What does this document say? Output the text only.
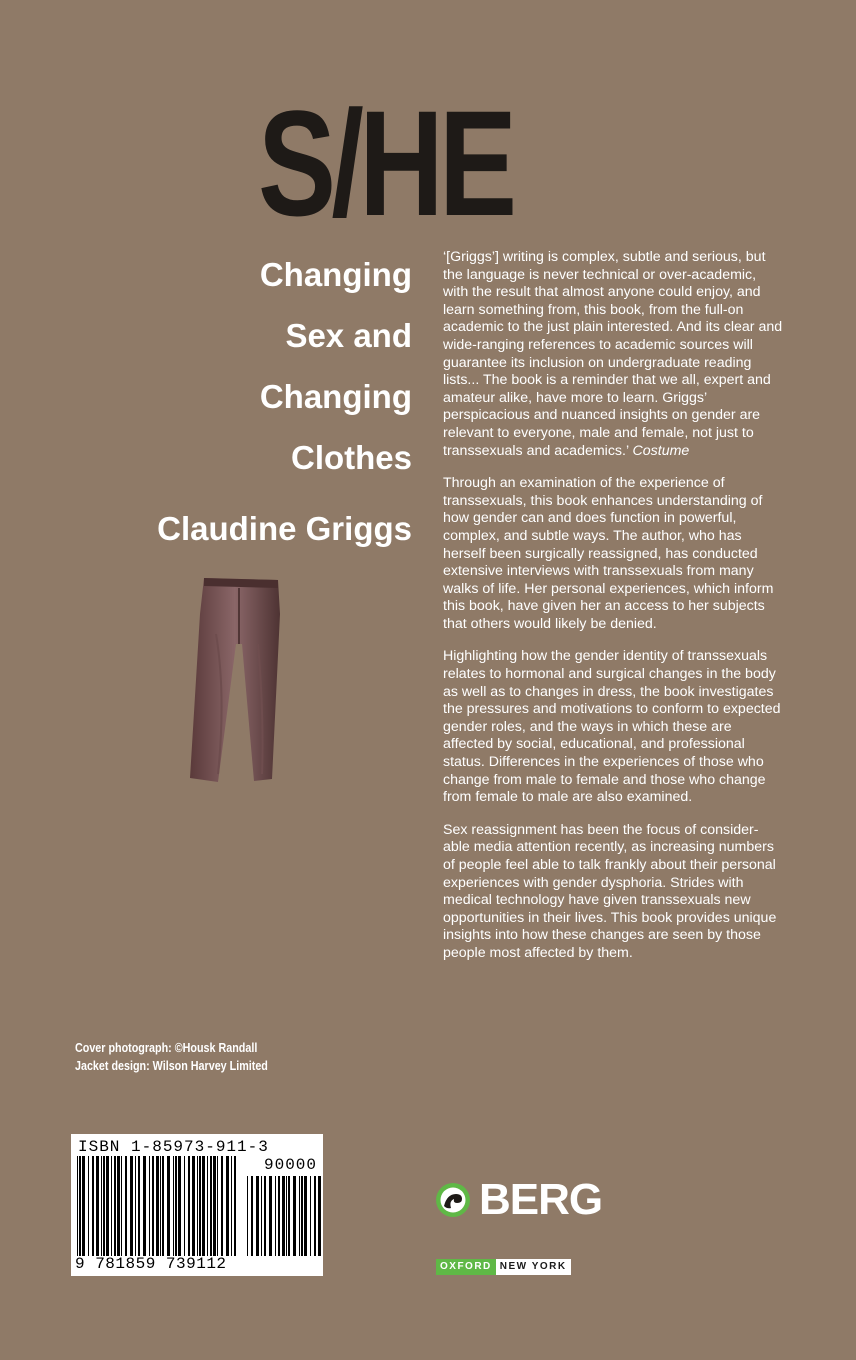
S/HE
Changing
Sex and
Changing
Clothes
Claudine Griggs

‘[Griggs’] writing is complex, subtle and serious, but the language is never technical or over-academic, with the result that almost anyone could enjoy, and learn something from, this book, from the full-on academic to the just plain interested. And its clear and wide-ranging references to academic sources will guarantee its inclusion on undergraduate reading lists... The book is a reminder that we all, expert and amateur alike, have more to learn. Griggs’ perspicacious and nuanced insights on gender are relevant to everyone, male and female, not just to transsexuals and academics.’ Costume

Through an examination of the experience of transsexuals, this book enhances understanding of how gender can and does function in powerful, complex, and subtle ways. The author, who has herself been surgically reassigned, has conducted extensive interviews with transsexuals from many walks of life. Her personal experiences, which inform this book, have given her an access to her subjects that others would likely be denied.

Highlighting how the gender identity of transsexuals relates to hormonal and surgical changes in the body as well as to changes in dress, the book investigates the pressures and motivations to conform to expected gender roles, and the ways in which these are affected by social, educational, and professional status. Differences in the experiences of those who change from male to female and those who change from female to male are also examined.

Sex reassignment has been the focus of consider-able media attention recently, as increasing numbers of people feel able to talk frankly about their personal experiences with gender dysphoria. Strides with medical technology have given transsexuals new opportunities in their lives. This book provides unique insights into how these changes are seen by those people most affected by them.

Cover photograph: ©Housk Randall
Jacket design: Wilson Harvey Limited
ISBN 1-85973-911-3
90000
9 781859 739112
BERG
OXFORD NEW YORK
